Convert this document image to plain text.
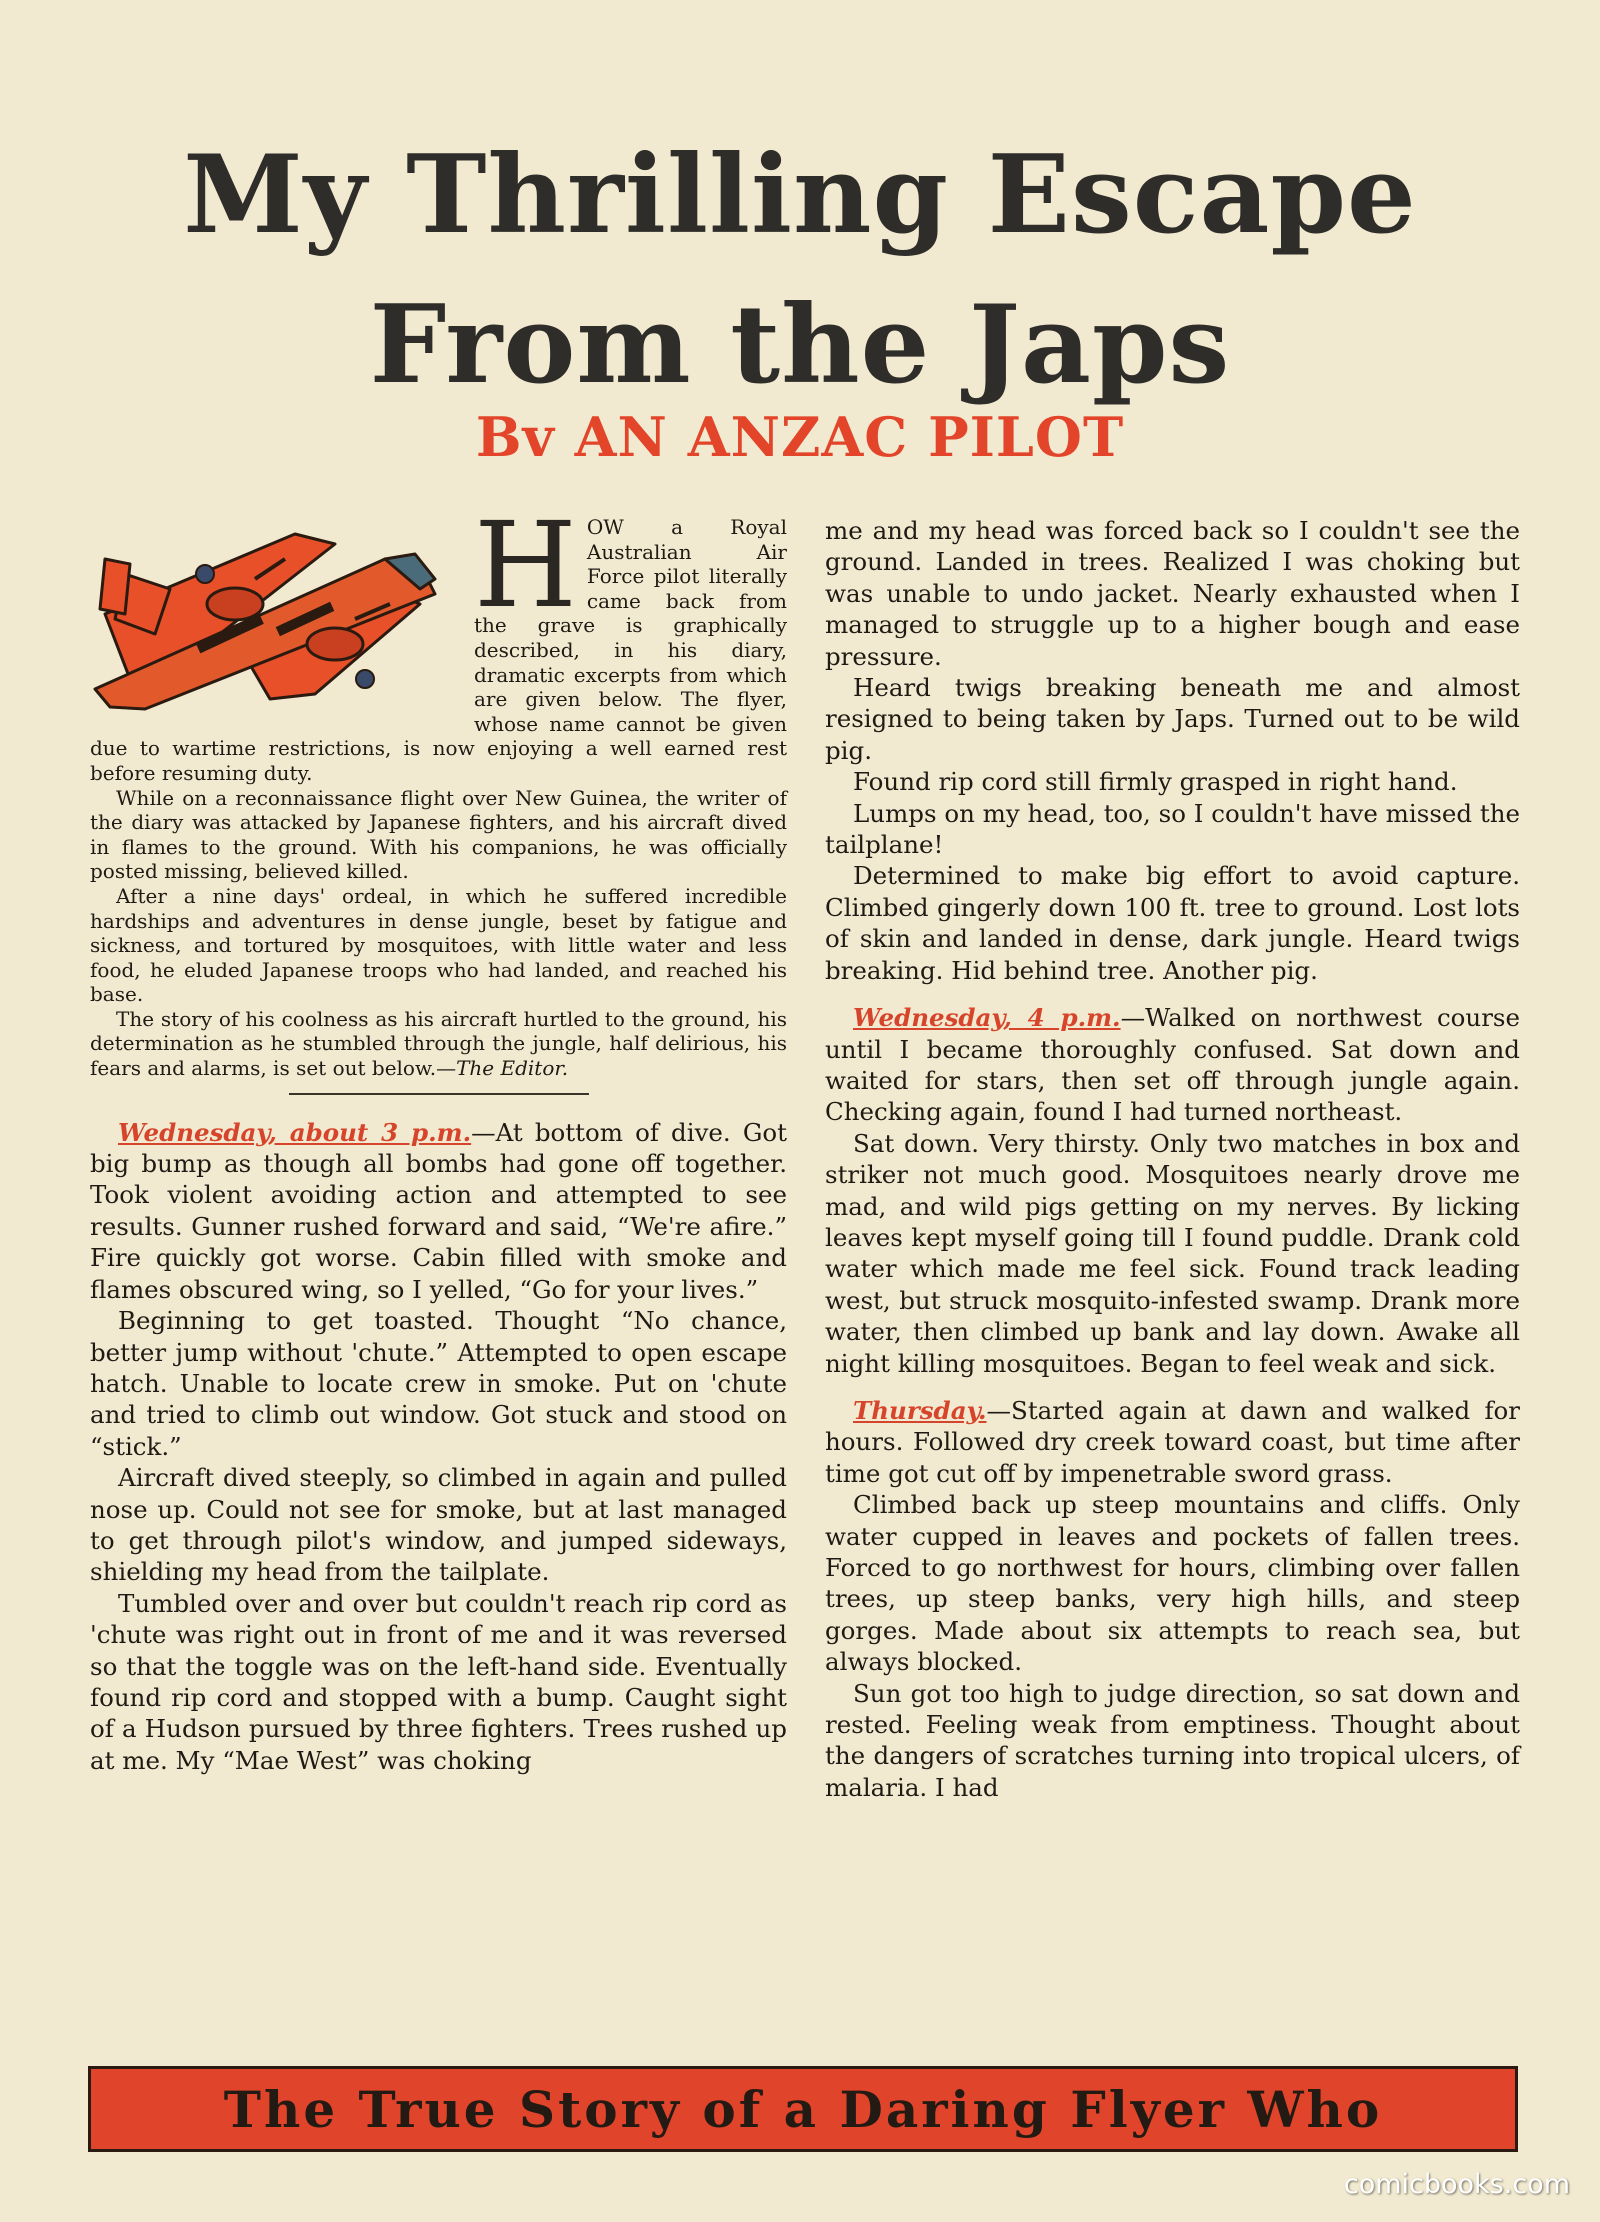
My Thrilling Escape
From the Japs
Bv AN ANZAC PILOT

HOW a Royal Australian Air Force pilot literally came back from the grave is graphically described, in his diary, dramatic excerpts from which are given below. The flyer, whose name cannot be given due to wartime restrictions, is now enjoying a well earned rest before resuming duty.

While on a reconnaissance flight over New Guinea, the writer of the diary was attacked by Japanese fighters, and his aircraft dived in flames to the ground. With his companions, he was officially posted missing, believed killed.

After a nine days' ordeal, in which he suffered incredible hardships and adventures in dense jungle, beset by fatigue and sickness, and tortured by mosquitoes, with little water and less food, he eluded Japanese troops who had landed, and reached his base.

The story of his coolness as his aircraft hurtled to the ground, his determination as he stumbled through the jungle, half delirious, his fears and alarms, is set out below.—The Editor.

Wednesday, about 3 p.m.—At bottom of dive. Got big bump as though all bombs had gone off together. Took violent avoiding action and attempted to see results. Gunner rushed forward and said, “We're afire.” Fire quickly got worse. Cabin filled with smoke and flames obscured wing, so I yelled, “Go for your lives.”

Beginning to get toasted. Thought “No chance, better jump without 'chute.” Attempted to open escape hatch. Unable to locate crew in smoke. Put on 'chute and tried to climb out window. Got stuck and stood on “stick.”

Aircraft dived steeply, so climbed in again and pulled nose up. Could not see for smoke, but at last managed to get through pilot's window, and jumped sideways, shielding my head from the tailplate.

Tumbled over and over but couldn't reach rip cord as 'chute was right out in front of me and it was reversed so that the toggle was on the left-hand side. Eventually found rip cord and stopped with a bump. Caught sight of a Hudson pursued by three fighters. Trees rushed up at me. My “Mae West” was choking

me and my head was forced back so I couldn't see the ground. Landed in trees. Realized I was choking but was unable to undo jacket. Nearly exhausted when I managed to struggle up to a higher bough and ease pressure.

Heard twigs breaking beneath me and almost resigned to being taken by Japs. Turned out to be wild pig.

Found rip cord still firmly grasped in right hand.

Lumps on my head, too, so I couldn't have missed the tailplane!

Determined to make big effort to avoid capture. Climbed gingerly down 100 ft. tree to ground. Lost lots of skin and landed in dense, dark jungle. Heard twigs breaking. Hid behind tree. Another pig.

Wednesday, 4 p.m.—Walked on northwest course until I became thoroughly confused. Sat down and waited for stars, then set off through jungle again. Checking again, found I had turned northeast.

Sat down. Very thirsty. Only two matches in box and striker not much good. Mosquitoes nearly drove me mad, and wild pigs getting on my nerves. By licking leaves kept myself going till I found puddle. Drank cold water which made me feel sick. Found track leading west, but struck mosquito-infested swamp. Drank more water, then climbed up bank and lay down. Awake all night killing mosquitoes. Began to feel weak and sick.

Thursday.—Started again at dawn and walked for hours. Followed dry creek toward coast, but time after time got cut off by impenetrable sword grass.

Climbed back up steep mountains and cliffs. Only water cupped in leaves and pockets of fallen trees. Forced to go northwest for hours, climbing over fallen trees, up steep banks, very high hills, and steep gorges. Made about six attempts to reach sea, but always blocked.

Sun got too high to judge direction, so sat down and rested. Feeling weak from emptiness. Thought about the dangers of scratches turning into tropical ulcers, of malaria. I had

The True Story of a Daring Flyer Who
comicbooks.com
